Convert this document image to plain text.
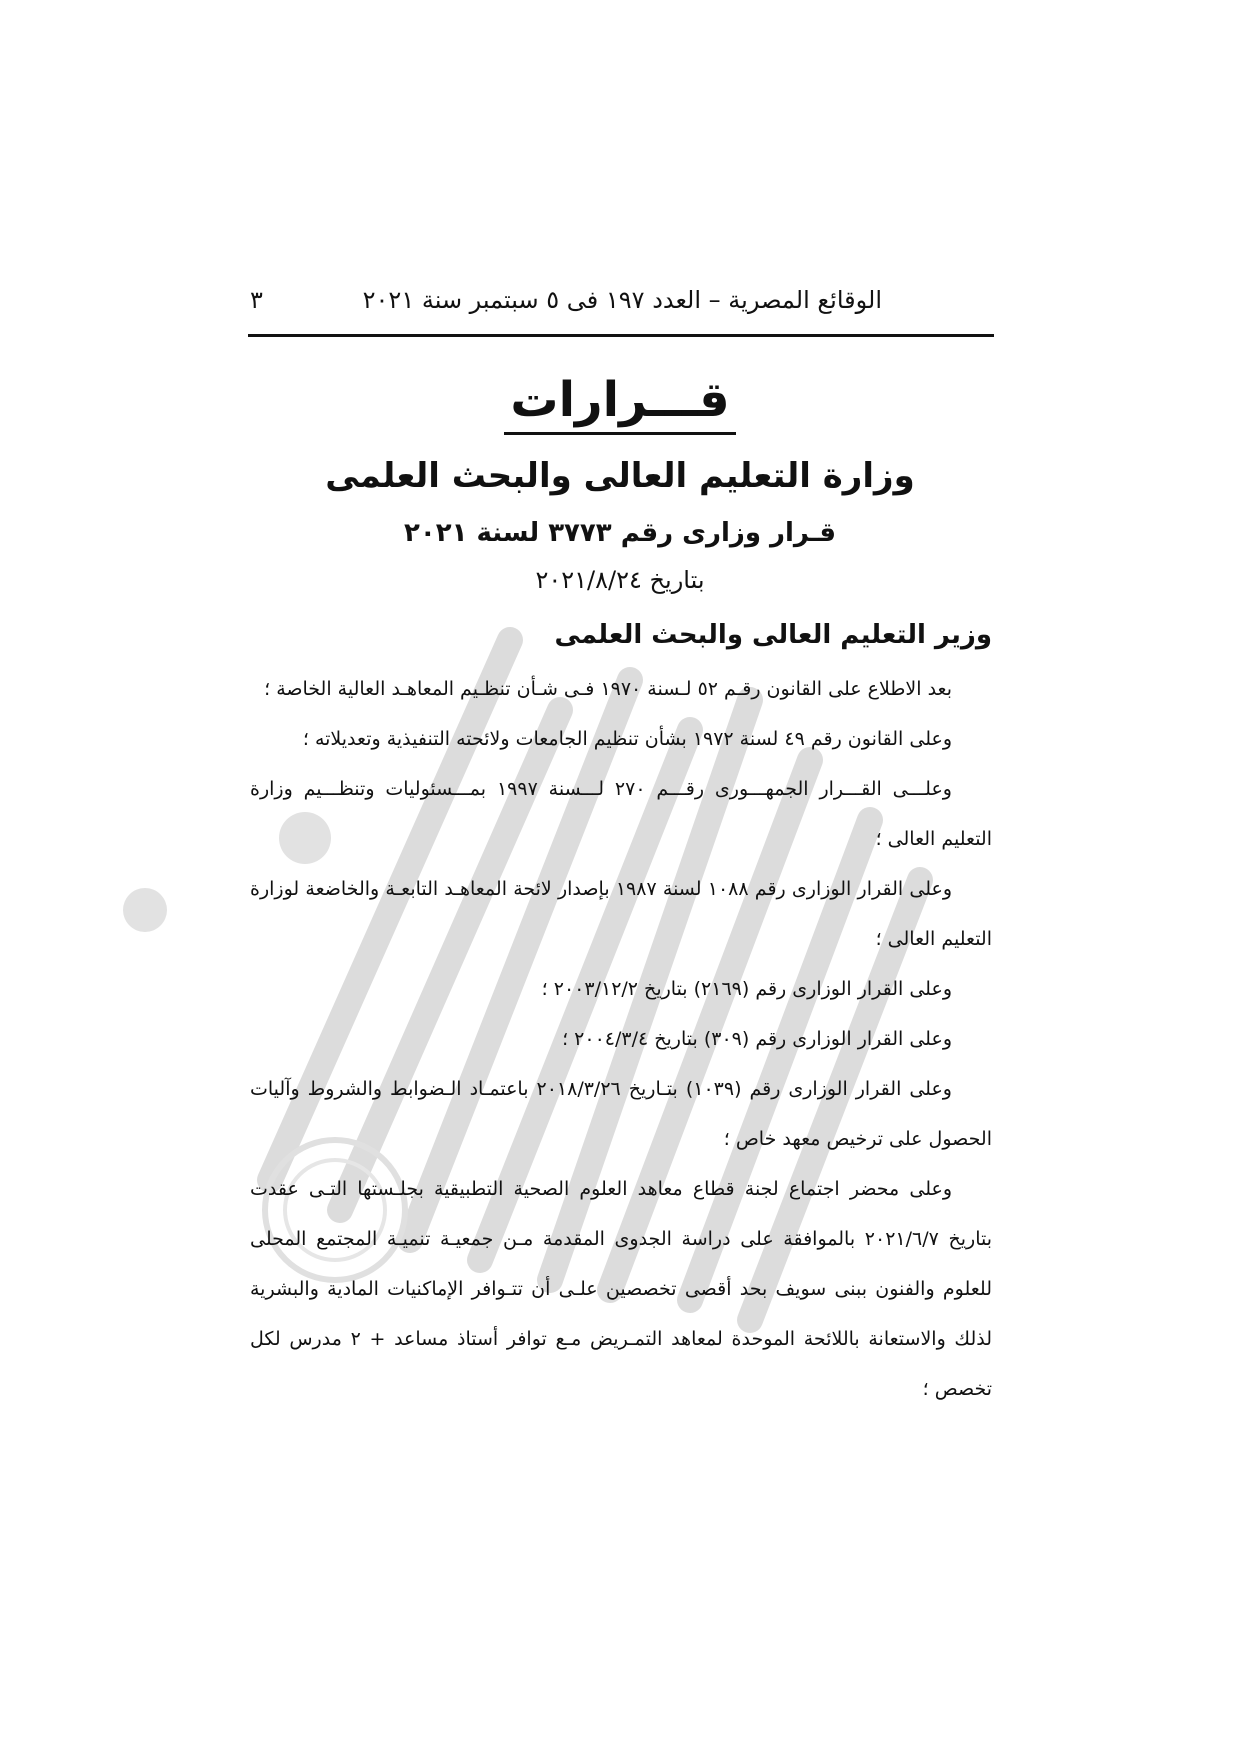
الوقائع المصرية – العدد ١٩٧ فى ٥ سبتمبر سنة ٢٠٢١
٣
قـــرارات
وزارة التعليم العالى والبحث العلمى
قـرار وزارى رقم ٣٧٧٣ لسنة ٢٠٢١
بتاريخ ٢٠٢١/٨/٢٤
وزير التعليم العالى والبحث العلمى

بعد الاطلاع على القانون رقـم ٥٢ لـسنة ١٩٧٠ فـى شـأن تنظـيم المعاهـد العالية الخاصة ؛

وعلى القانون رقم ٤٩ لسنة ١٩٧٢ بشأن تنظيم الجامعات ولائحته التنفيذية وتعديلاته ؛

وعلـــى القـــرار الجمهـــورى رقـــم ٢٧٠ لـــسنة ١٩٩٧ بمـــسئوليات وتنظـــيم وزارة التعليم العالى ؛

وعلى القرار الوزارى رقم ١٠٨٨ لسنة ١٩٨٧ بإصدار لائحة المعاهـد التابعـة والخاضعة لوزارة التعليم العالى ؛

وعلى القرار الوزارى رقم (٢١٦٩) بتاريخ ٢٠٠٣/١٢/٢ ؛

وعلى القرار الوزارى رقم (٣٠٩) بتاريخ ٢٠٠٤/٣/٤ ؛

وعلى القرار الوزارى رقم (١٠٣٩) بتـاريخ ٢٠١٨/٣/٢٦ باعتمـاد الـضوابط والشروط وآليات الحصول على ترخيص معهد خاص ؛

وعلى محضر اجتماع لجنة قطاع معاهد العلوم الصحية التطبيقية بجلـستها التـى عقدت بتاريخ ٢٠٢١/٦/٧ بالموافقة على دراسة الجدوى المقدمة مـن جمعيـة تنميـة المجتمع المحلى للعلوم والفنون ببنى سويف بحد أقصى تخصصين علـى أن تتـوافر الإماكنيات المادية والبشرية لذلك والاستعانة باللائحة الموحدة لمعاهد التمـريض مـع توافر أستاذ مساعد + ٢ مدرس لكل تخصص ؛
